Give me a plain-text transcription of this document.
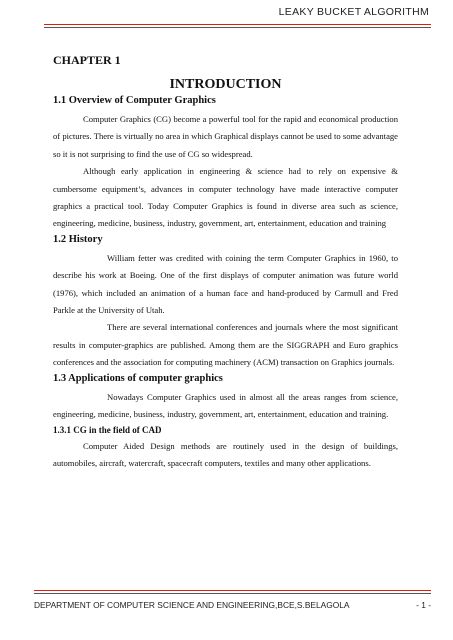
LEAKY BUCKET ALGORITHM
CHAPTER 1
INTRODUCTION
1.1 Overview of Computer Graphics

Computer Graphics (CG) become a powerful tool for the rapid and economical production of pictures. There is virtually no area in which Graphical displays cannot be used to some advantage so it is not surprising to find the use of CG so widespread.

Although early application in engineering & science had to rely on expensive & cumbersome equipment’s, advances in computer technology have made interactive computer graphics a practical tool. Today Computer Graphics is found in diverse area such as science, engineering, medicine, business, industry, government, art, entertainment, education and training

1.2 History

William fetter was credited with coining the term Computer Graphics in 1960, to describe his work at Boeing. One of the first displays of computer animation was future world (1976), which included an animation of a human face and hand-produced by Carmull and Fred Parkle at the University of Utah.

There are several international conferences and journals where the most significant results in computer-graphics are published. Among them are the SIGGRAPH and Euro graphics conferences and the association for computing machinery (ACM) transaction on Graphics journals.

1.3 Applications of computer graphics

Nowadays Computer Graphics used in almost all the areas ranges from science, engineering, medicine, business, industry, government, art, entertainment, education and training.

1.3.1 CG in the field of CAD

Computer Aided Design methods are routinely used in the design of buildings, automobiles, aircraft, watercraft, spacecraft computers, textiles and many other applications.

DEPARTMENT OF COMPUTER SCIENCE AND ENGINEERING,BCE,S.BELAGOLA	- 1 -
